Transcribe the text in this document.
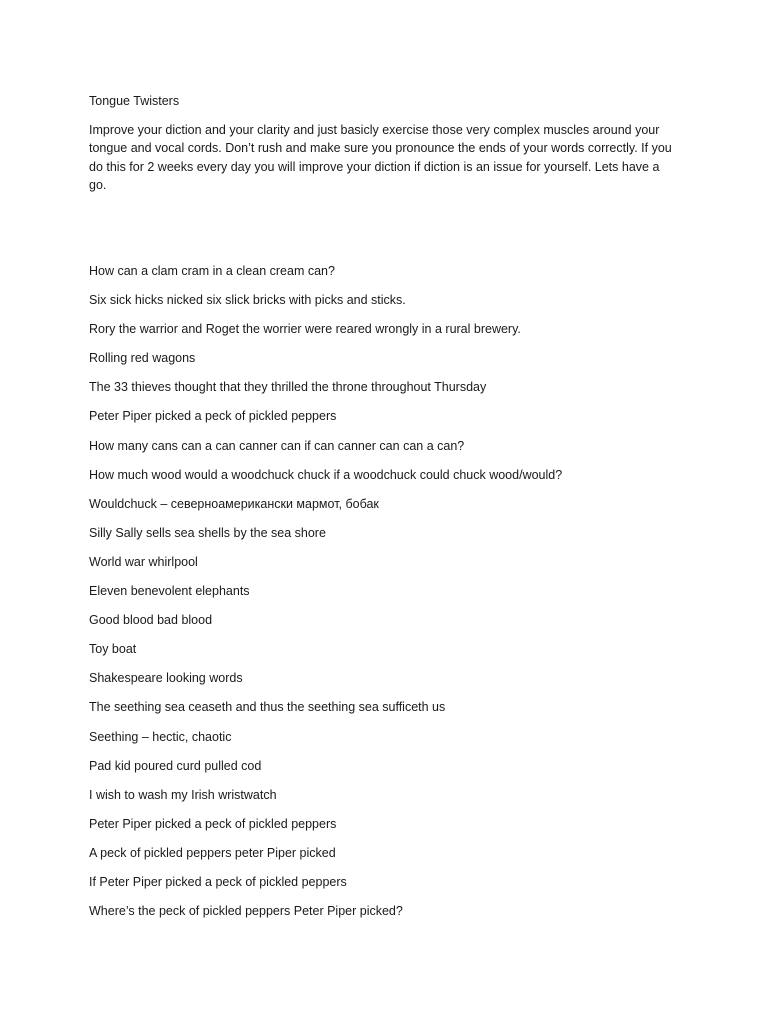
Tongue Twisters

Improve your diction and your clarity and just basicly exercise those very complex muscles around your tongue and vocal cords. Don’t rush and make sure you pronounce the ends of your words correctly. If you do this for 2 weeks every day you will improve your diction if diction is an issue for yourself. Lets have a go.

How can a clam cram in a clean cream can?
Six sick hicks nicked six slick bricks with picks and sticks.
Rory the warrior and Roget the worrier were reared wrongly in a rural brewery.
Rolling red wagons
The 33 thieves thought that they thrilled the throne throughout Thursday
Peter Piper picked a peck of pickled peppers
How many cans can a can canner can if can canner can can a can?
How much wood would a woodchuck chuck if a woodchuck could chuck wood/would?
Wouldchuck – северноамерикански мармот, бобак
Silly Sally sells sea shells by the sea shore
World war whirlpool
Eleven benevolent elephants
Good blood bad blood
Toy boat
Shakespeare looking words
The seething sea ceaseth and thus the seething sea sufficeth us
Seething – hectic, chaotic
Pad kid poured curd pulled cod
I wish to wash my Irish wristwatch
Peter Piper picked a peck of pickled peppers
A peck of pickled peppers peter Piper picked
If Peter Piper picked a peck of pickled peppers
Where’s the peck of pickled peppers Peter Piper picked?
